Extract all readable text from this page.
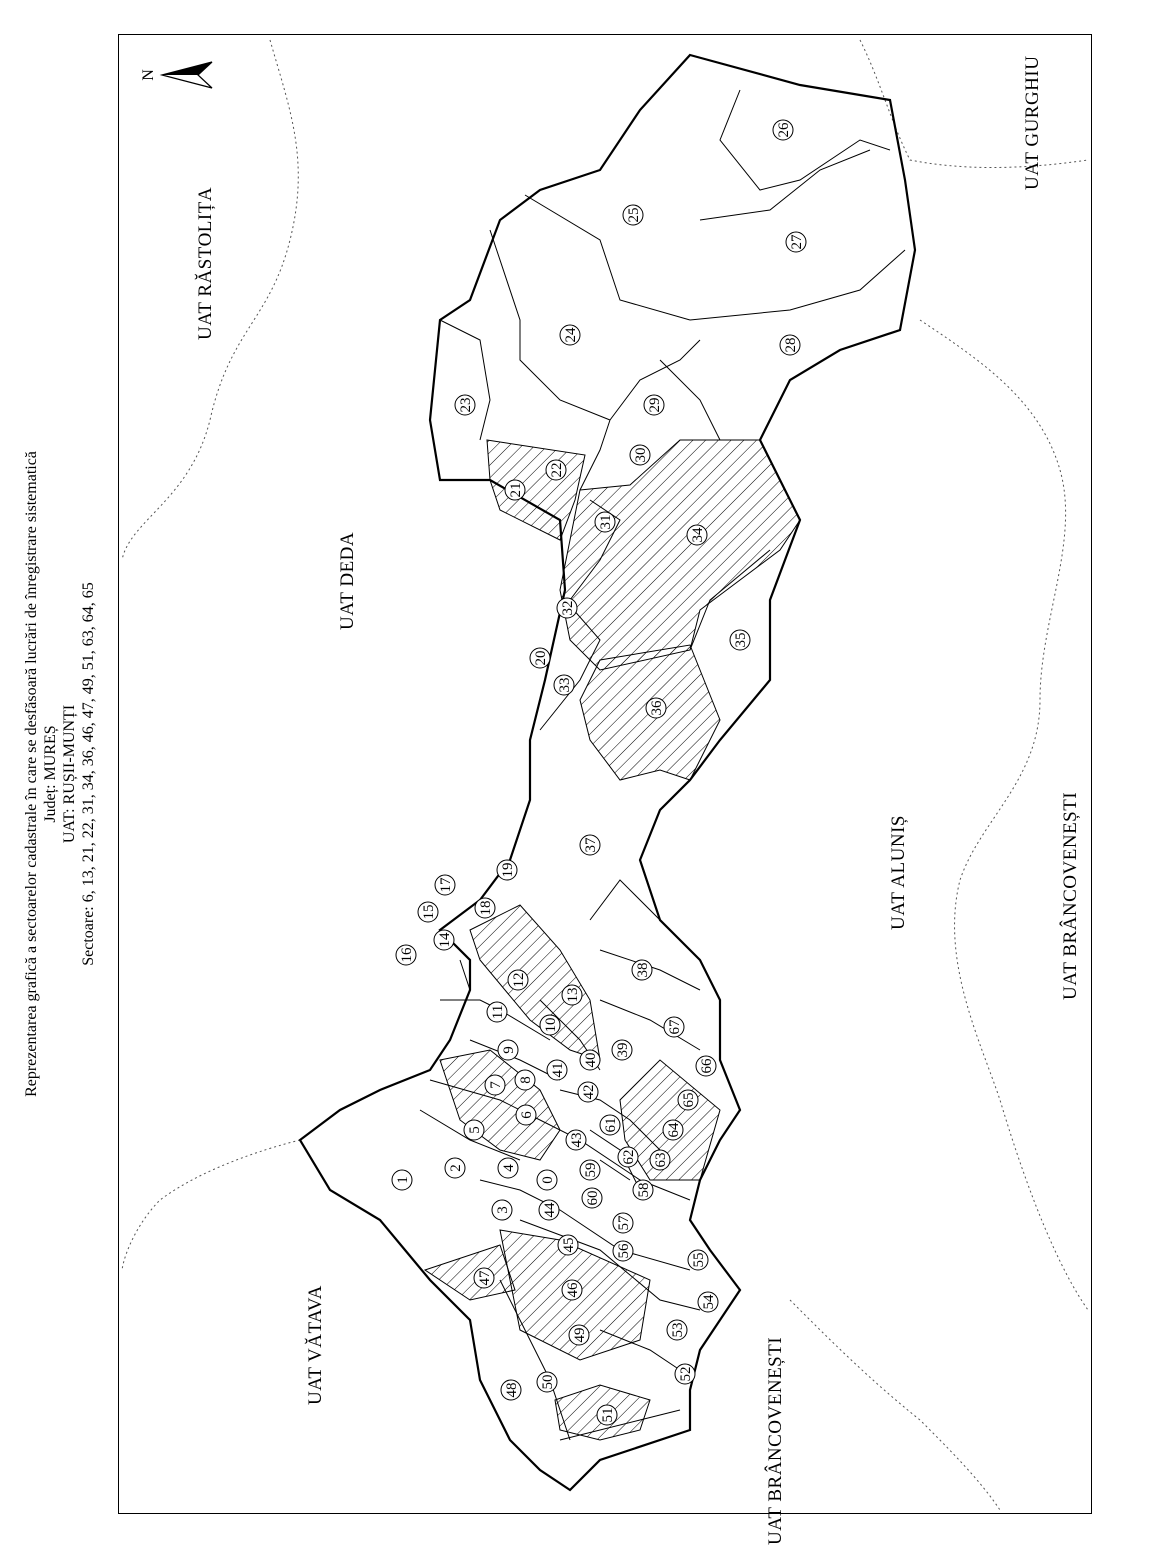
Reprezentarea grafică a sectoarelor cadastrale în care se desfăsoară lucrări de înregistrare sistematică Județ: MUREȘ UAT: RUȘII-MUNȚI Sectoare: 6, 13, 21, 22, 31, 34, 36, 46, 47, 49, 51, 63, 64, 65
N
1
2
3
4
5
6
7
8
9
10
11
12
13
14
15
16
17
18
19
20
21
22
23
24
25
26
27
28
29
30
31
32
33
34
35
36
37
38
39
40
41
42
43
44
45
46
47
48
49
50
51
52
53
54
55
56
57
58
59
60
61
62 63
64
65
66
67
0
UAT RĂSTOLIȚA
UAT GURGHIU
UAT DEDA
UAT ALUNIȘ	UAT BRÂNCOVENEȘTI
UAT BRÂNCOVENEȘTI
UAT VĂTAVA
